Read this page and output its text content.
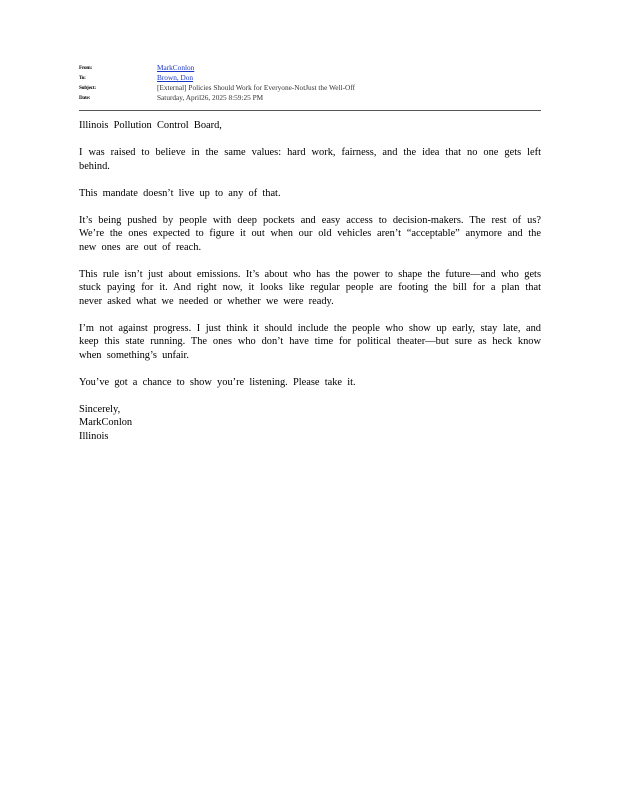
From:	MarkConlon
To:	Brown, Don
Subject:	[External] Policies Should Work for Everyone-NotJust the Well-Off
Date:	Saturday, April26, 2025 8:59:25 PM

Illinois Pollution Control Board,

I was raised to believe in the same values: hard work, fairness, and the idea that no one gets left behind.

This mandate doesn’t live up to any of that.

It’s being pushed by people with deep pockets and easy access to decision-makers. The rest of us? We’re the ones expected to figure it out when our old vehicles aren’t “acceptable” anymore and the new ones are out of reach.

This rule isn’t just about emissions. It’s about who has the power to shape the future—and who gets stuck paying for it. And right now, it looks like regular people are footing the bill for a plan that never asked what we needed or whether we were ready.

I’m not against progress. I just think it should include the people who show up early, stay late, and keep this state running. The ones who don’t have time for political theater—but sure as heck know when something’s unfair.

You’ve got a chance to show you’re listening. Please take it.

Sincerely,
MarkConlon
Illinois
